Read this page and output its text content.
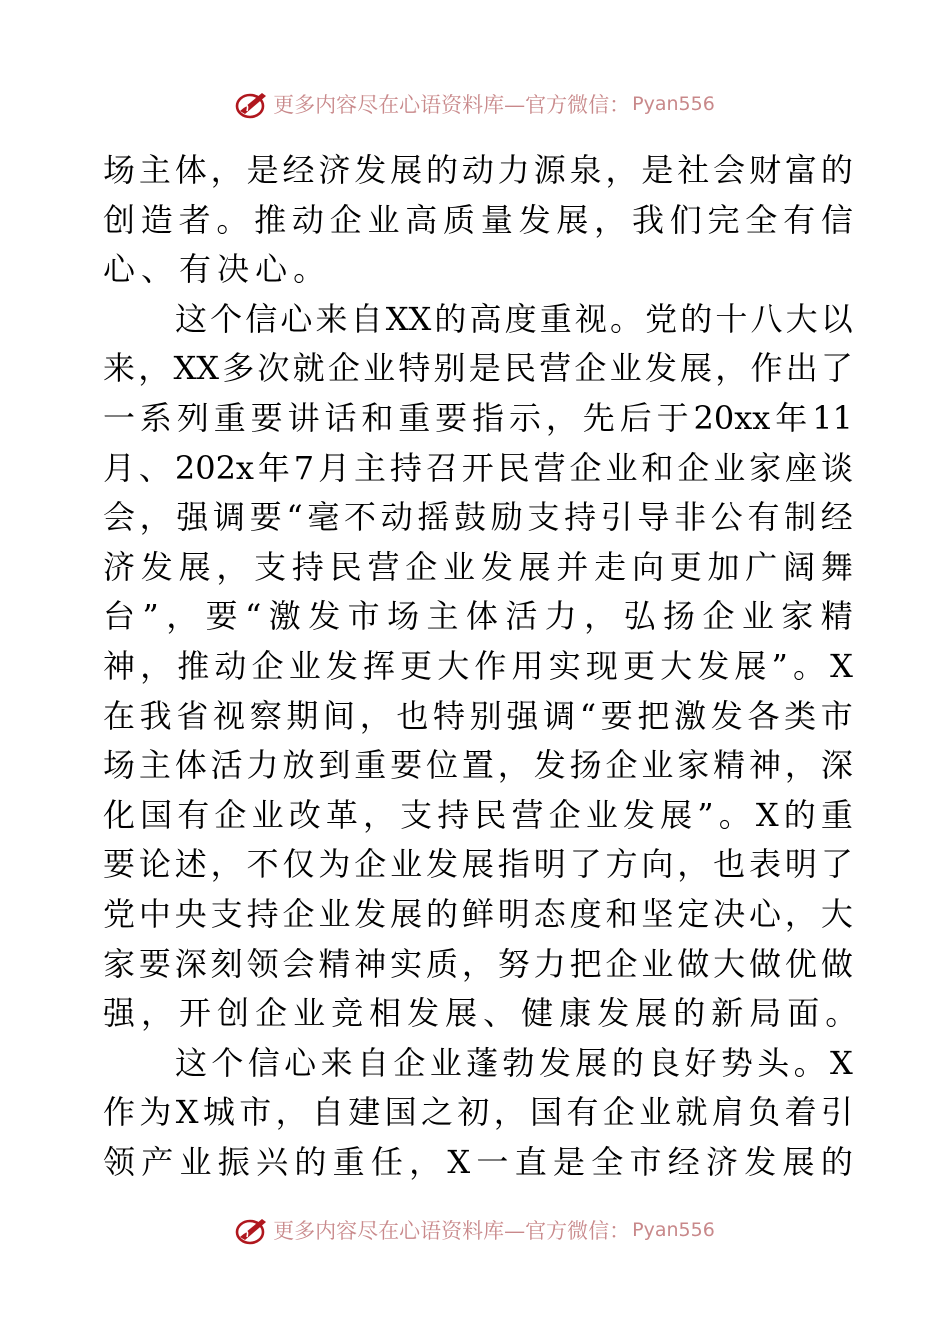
更多内容尽在心语资料库—官方微信： Pyan556
场 主 体 ， 是 经 济 发 展 的 动 力 源 泉 ， 是 社 会 财 富 的
创 造 者 。 推 动 企 业 高 质 量 发 展 ， 我 们 完 全 有 信
心 、 有 决 心 。
这 个 信 心 来 自 XX 的 高 度 重 视 。 党 的 十 八 大 以
来 ， XX 多 次 就 企 业 特 别 是 民 营 企 业 发 展 ， 作 出 了
一 系 列 重 要 讲 话 和 重 要 指 示 ， 先 后 于 20xx 年 11
月 、 202x 年 7 月 主 持 召 开 民 营 企 业 和 企 业 家 座 谈
会 ， 强 调 要 “ 毫 不 动 摇 鼓 励 支 持 引 导 非 公 有 制 经
济 发 展 ， 支 持 民 营 企 业 发 展 并 走 向 更 加 广 阔 舞
台 ” ， 要 “ 激 发 市 场 主 体 活 力 ， 弘 扬 企 业 家 精
神 ， 推 动 企 业 发 挥 更 大 作 用 实 现 更 大 发 展 ” 。 X
在 我 省 视 察 期 间 ， 也 特 别 强 调 “ 要 把 激 发 各 类 市
场 主 体 活 力 放 到 重 要 位 置 ， 发 扬 企 业 家 精 神 ， 深
化 国 有 企 业 改 革 ， 支 持 民 营 企 业 发 展 ” 。 X 的 重
要 论 述 ， 不 仅 为 企 业 发 展 指 明 了 方 向 ， 也 表 明 了
党 中 央 支 持 企 业 发 展 的 鲜 明 态 度 和 坚 定 决 心 ， 大
家 要 深 刻 领 会 精 神 实 质 ， 努 力 把 企 业 做 大 做 优 做
强 ， 开 创 企 业 竞 相 发 展 、 健 康 发 展 的 新 局 面 。
这 个 信 心 来 自 企 业 蓬 勃 发 展 的 良 好 势 头 。 X
作 为 X 城 市 ， 自 建 国 之 初 ， 国 有 企 业 就 肩 负 着 引
领 产 业 振 兴 的 重 任 ， X 一 直 是 全 市 经 济 发 展 的
更多内容尽在心语资料库—官方微信： Pyan556
